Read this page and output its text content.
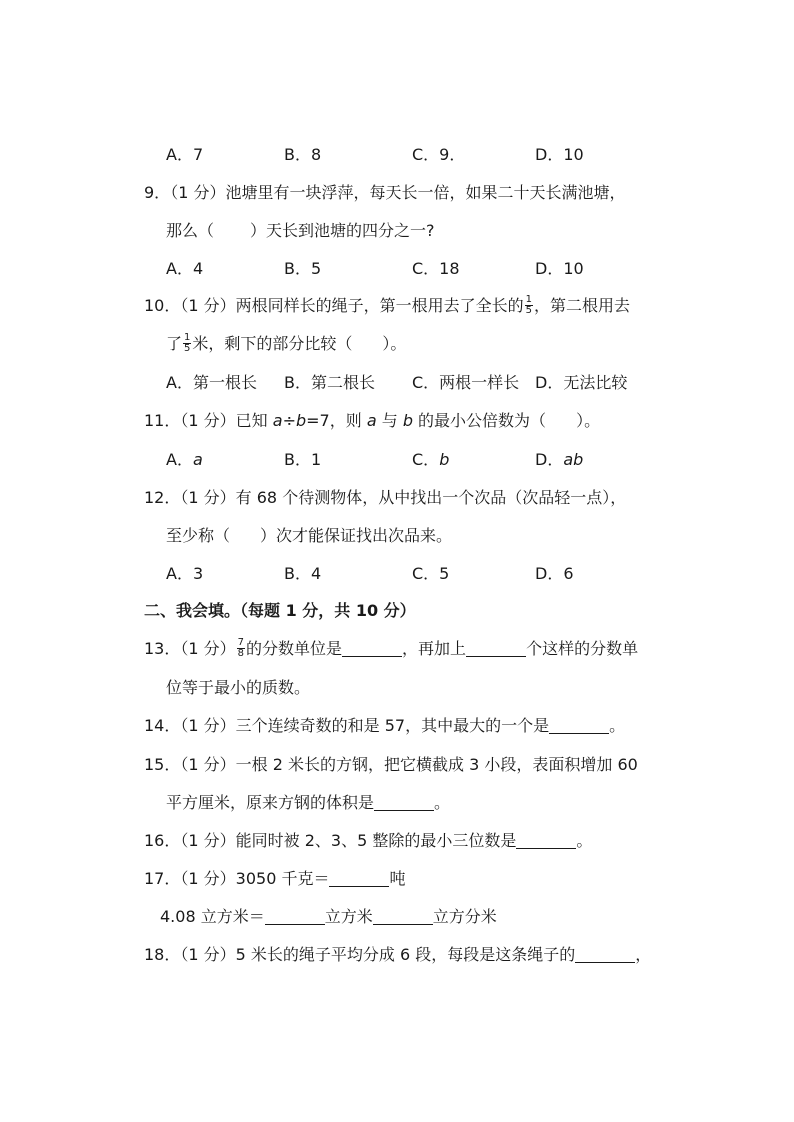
A．7	B．8	C．9．	D．10
9．（1 分）池塘里有一块浮萍，每天长一倍，如果二十天长满池塘，
那么（ ）天长到池塘的四分之一?
A．4	B．5	C．18	D．10
10．（1 分）两根同样长的绳子，第一根用去了全长的 $\frac{1}{5}$ ，第二根用去
了 $\frac{1}{5}$ 米，剩下的部分比较（ ）。
A．第一根长 B．第二根长 C．两根一样长 D．无法比较
11．（1 分）已知 a÷b=7，则 a 与 b 的最小公倍数为（ ）。
A．a	B．1	C．b	D．ab
12．（1 分）有 68 个待测物体，从中找出一个次品（次品轻一点），
至少称（ ）次才能保证找出次品来。
A．3	B．4	C．5	D．6
二、我会填。（每题 1 分，共 10 分）
13．（1 分） $\frac{7}{8}$ 的分数单位是	，再加上	个这样的分数单
位等于最小的质数。
14．（1 分）三个连续奇数的和是 57，其中最大的一个是	。
15．（1 分）一根 2 米长的方钢，把它横截成 3 小段，表面积增加 60
平方厘米，原来方钢的体积是	。
16．（1 分）能同时被 2、3、5 整除的最小三位数是	。
17．（1 分）3050 千克＝	吨
4.08 立方米＝	立方米	立方分米
18．（1 分）5 米长的绳子平均分成 6 段，每段是这条绳子的	，
